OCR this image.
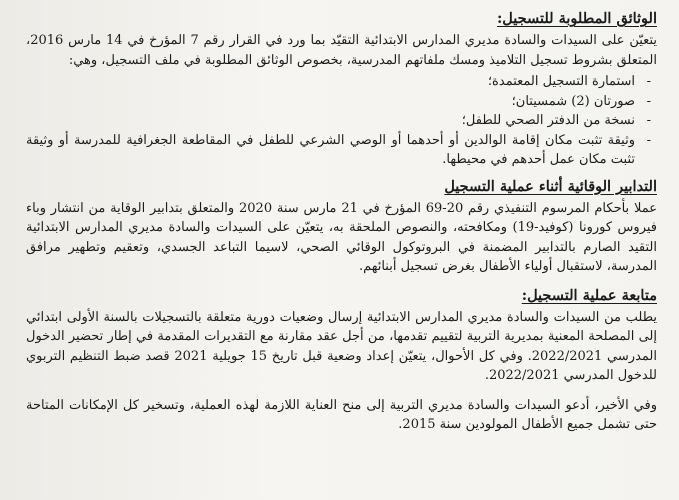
الوثائق المطلوبة للتسجيل:

يتعيّن على السيدات والسادة مديري المدارس الابتدائية التقيّد بما ورد في القرار رقم 7 المؤرخ في 14 مارس 2016، المتعلق بشروط تسجيل التلاميذ ومسك ملفاتهم المدرسية، بخصوص الوثائق المطلوبة في ملف التسجيل، وهي:

- استمارة التسجيل المعتمدة؛
- صورتان (2) شمسيتان؛
- نسخة من الدفتر الصحي للطفل؛
- وثيقة تثبت مكان إقامة الوالدين أو أحدهما أو الوصي الشرعي للطفل في المقاطعة الجغرافية للمدرسة أو وثيقة تثبت مكان عمل أحدهم في محيطها.
التدابير الوقائية أثناء عملية التسجيل

عملا بأحكام المرسوم التنفيذي رقم 20-69 المؤرخ في 21 مارس سنة 2020 والمتعلق بتدابير الوقاية من انتشار وباء فيروس كورونا (كوفيد-19) ومكافحته، والنصوص الملحقة به، يتعيّن على السيدات والسادة مديري المدارس الابتدائية التقيد الصارم بالتدابير المضمنة في البروتوكول الوقائي الصحي، لاسيما التباعد الجسدي، وتعقيم وتطهير مرافق المدرسة، لاستقبال أولياء الأطفال بغرض تسجيل أبنائهم.

متابعة عملية التسجيل:

يطلب من السيدات والسادة مديري المدارس الابتدائية إرسال وضعيات دورية متعلقة بالتسجيلات بالسنة الأولى ابتدائي إلى المصلحة المعنية بمديرية التربية لتقييم تقدمها، من أجل عقد مقارنة مع التقديرات المقدمة في إطار تحضير الدخول المدرسي 2022/2021. وفي كل الأحوال، يتعيّن إعداد وضعية قبل تاريخ 15 جويلية 2021 قصد ضبط التنظيم التربوي للدخول المدرسي 2022/2021.

وفي الأخير، أدعو السيدات والسادة مديري التربية إلى منح العناية اللازمة لهذه العملية، وتسخير كل الإمكانات المتاحة حتى تشمل جميع الأطفال المولودين سنة 2015.
